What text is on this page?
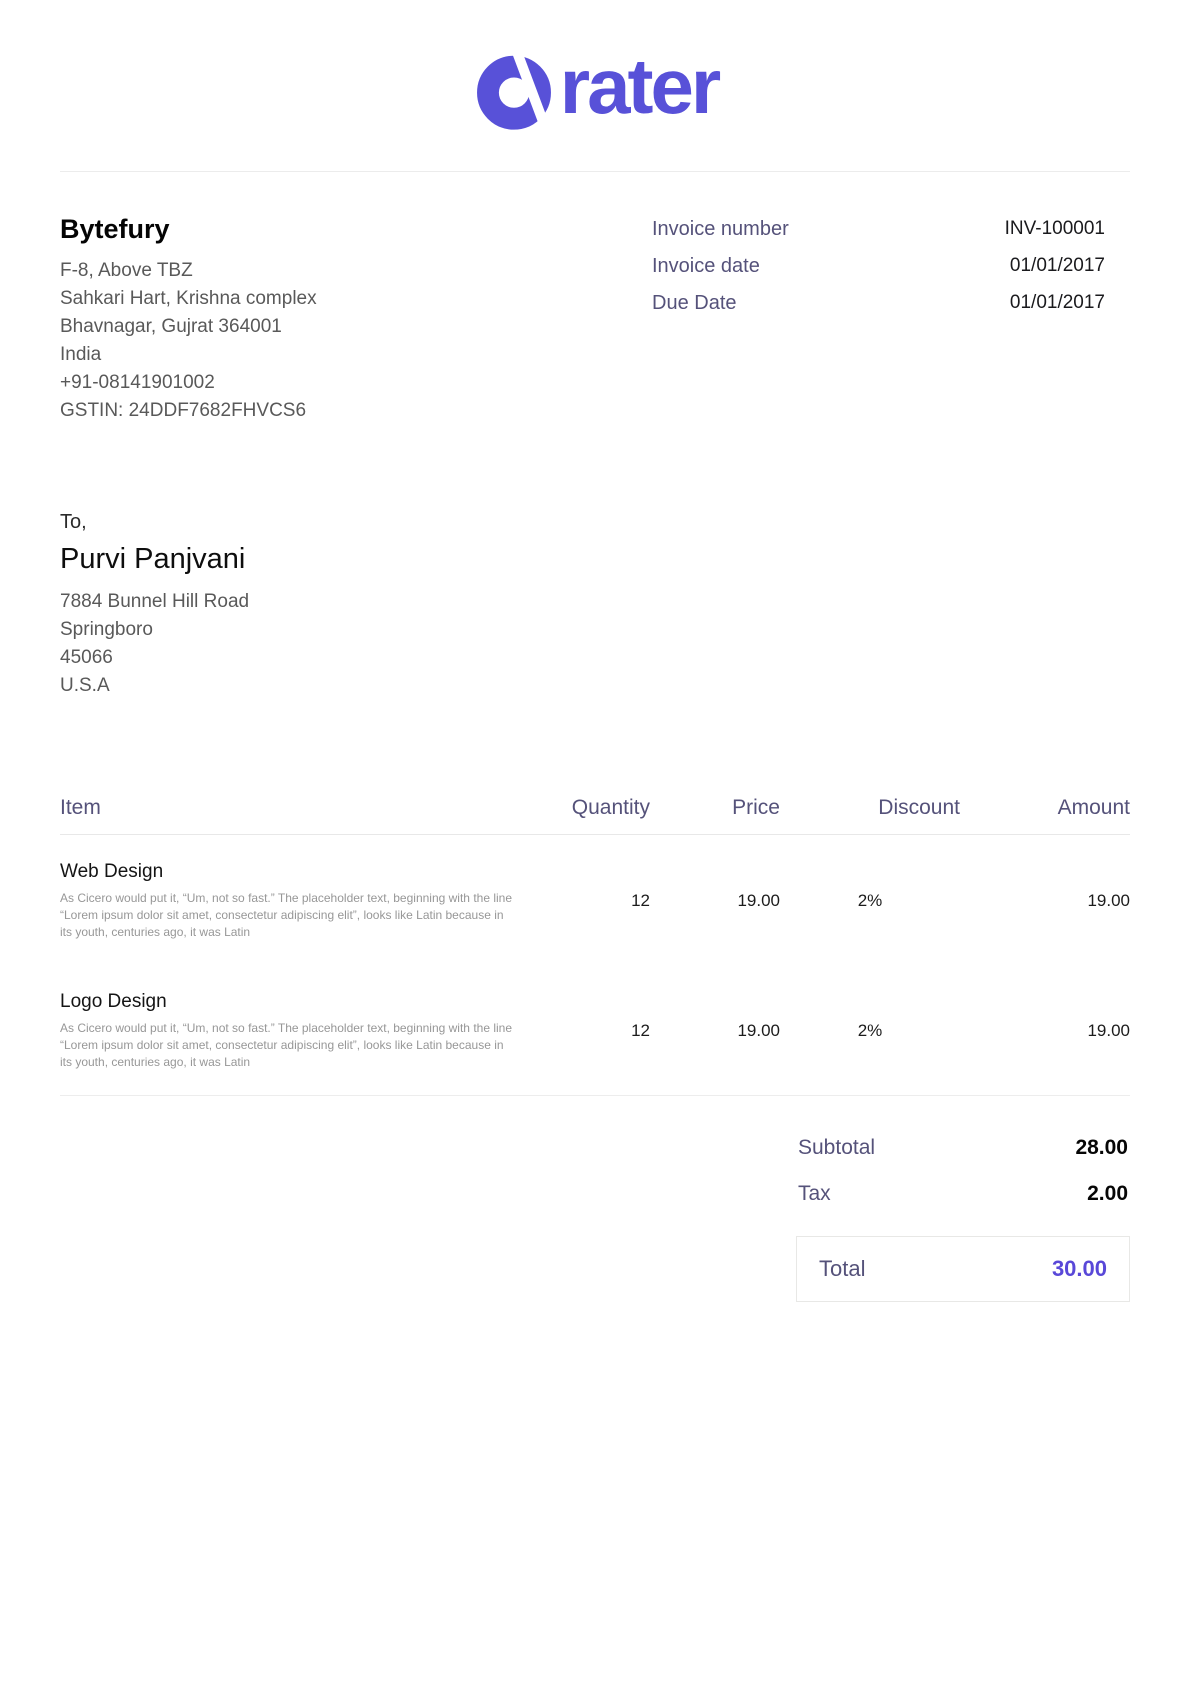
rater
Bytefury

F-8, Above TBZ

Sahkari Hart, Krishna complex

Bhavnagar, Gujrat 364001

India

+91-08141901002

GSTIN: 24DDF7682FHVCS6

Invoice number	INV-100001
Invoice date	01/01/2017
Due Date	01/01/2017

To,

Purvi Panjvani

7884 Bunnel Hill Road

Springboro

45066

U.S.A

Item	Quantity	Price	Discount	Amount
Web Design
As Cicero would put it, “Um, not so fast.” The placeholder text, beginning with the line “Lorem ipsum dolor sit amet, consectetur adipiscing elit”, looks like Latin because in its youth, centuries ago, it was Latin
12	19.00	2%	19.00
Logo Design
As Cicero would put it, “Um, not so fast.” The placeholder text, beginning with the line “Lorem ipsum dolor sit amet, consectetur adipiscing elit”, looks like Latin because in its youth, centuries ago, it was Latin
12	19.00	2%	19.00
Subtotal	28.00
Tax	2.00
Total	30.00
